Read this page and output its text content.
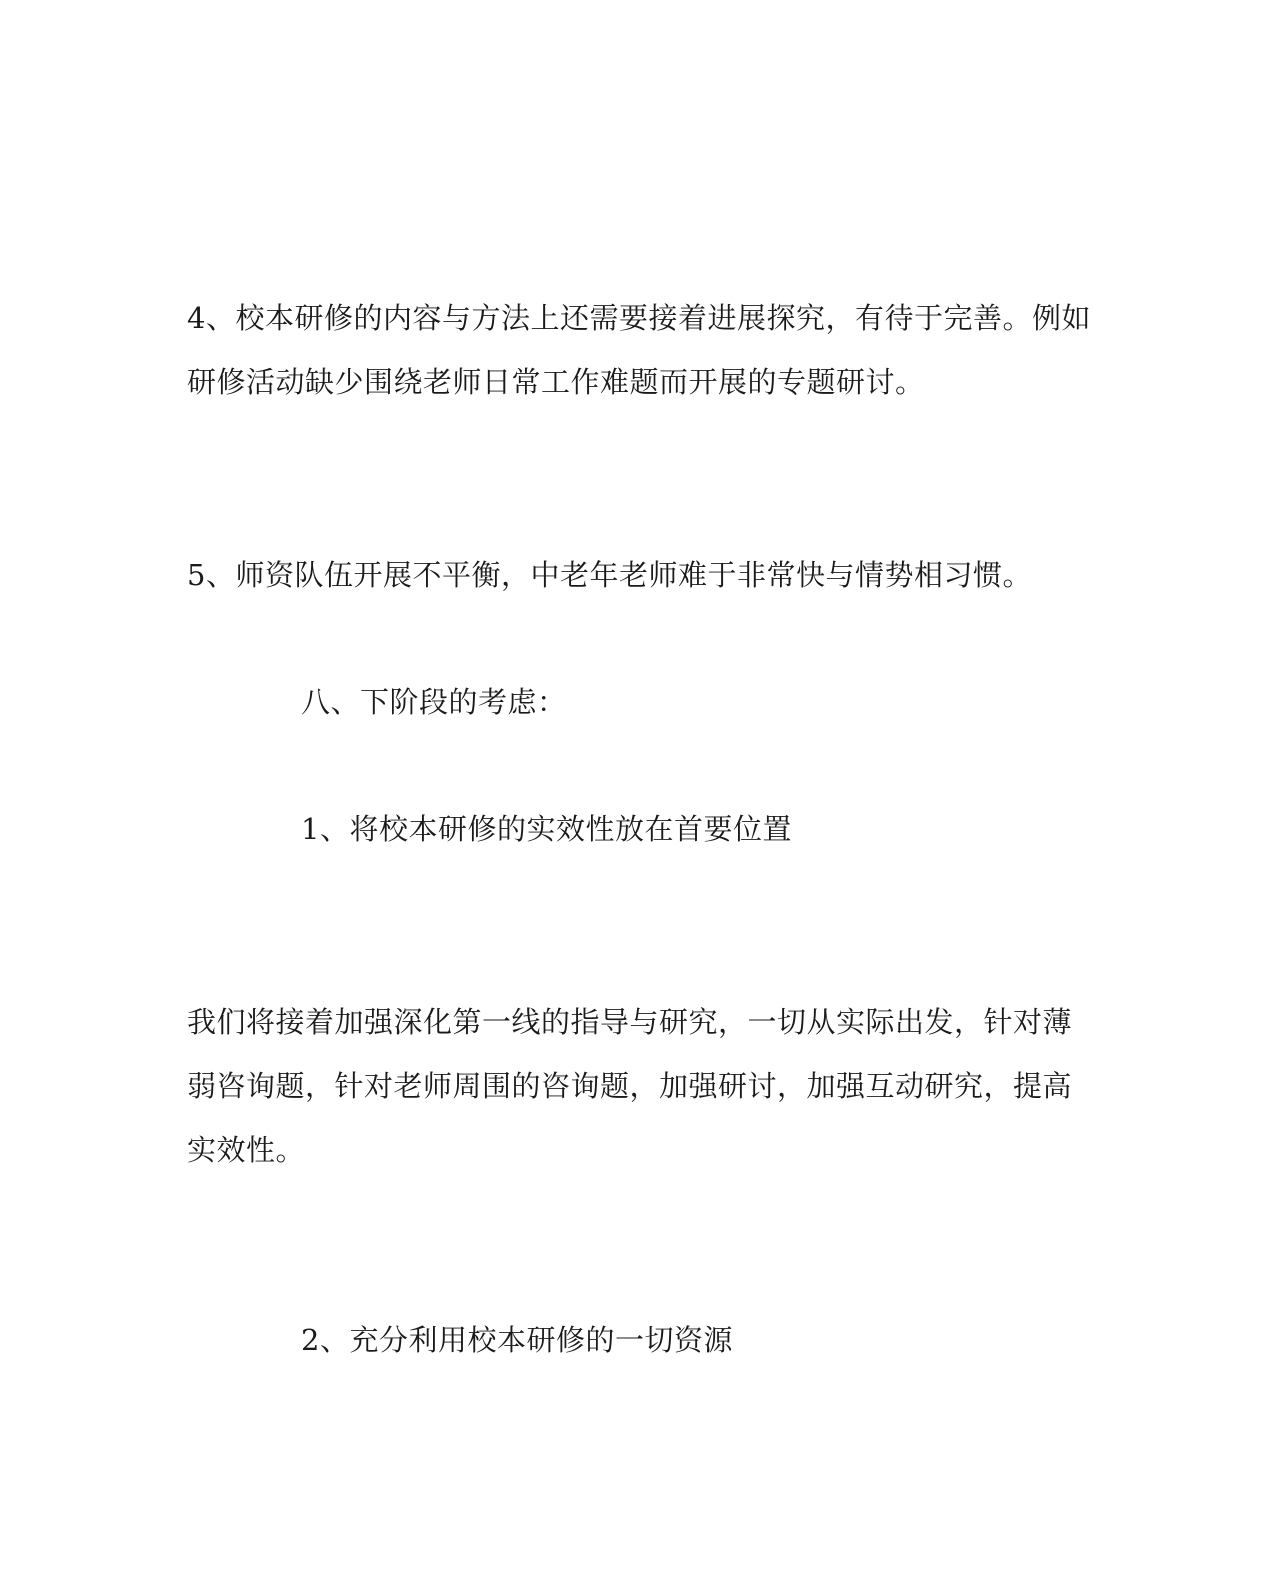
4、校本研修的内容与方法上还需要接着进展探究，有待于完善。例如
研修活动缺少围绕老师日常工作难题而开展的专题研讨。
5、师资队伍开展不平衡，中老年老师难于非常快与情势相习惯。
八、下阶段的考虑：
1、将校本研修的实效性放在首要位置
我们将接着加强深化第一线的指导与研究，一切从实际出发，针对薄
弱咨询题，针对老师周围的咨询题，加强研讨，加强互动研究，提高
实效性。
2、充分利用校本研修的一切资源
